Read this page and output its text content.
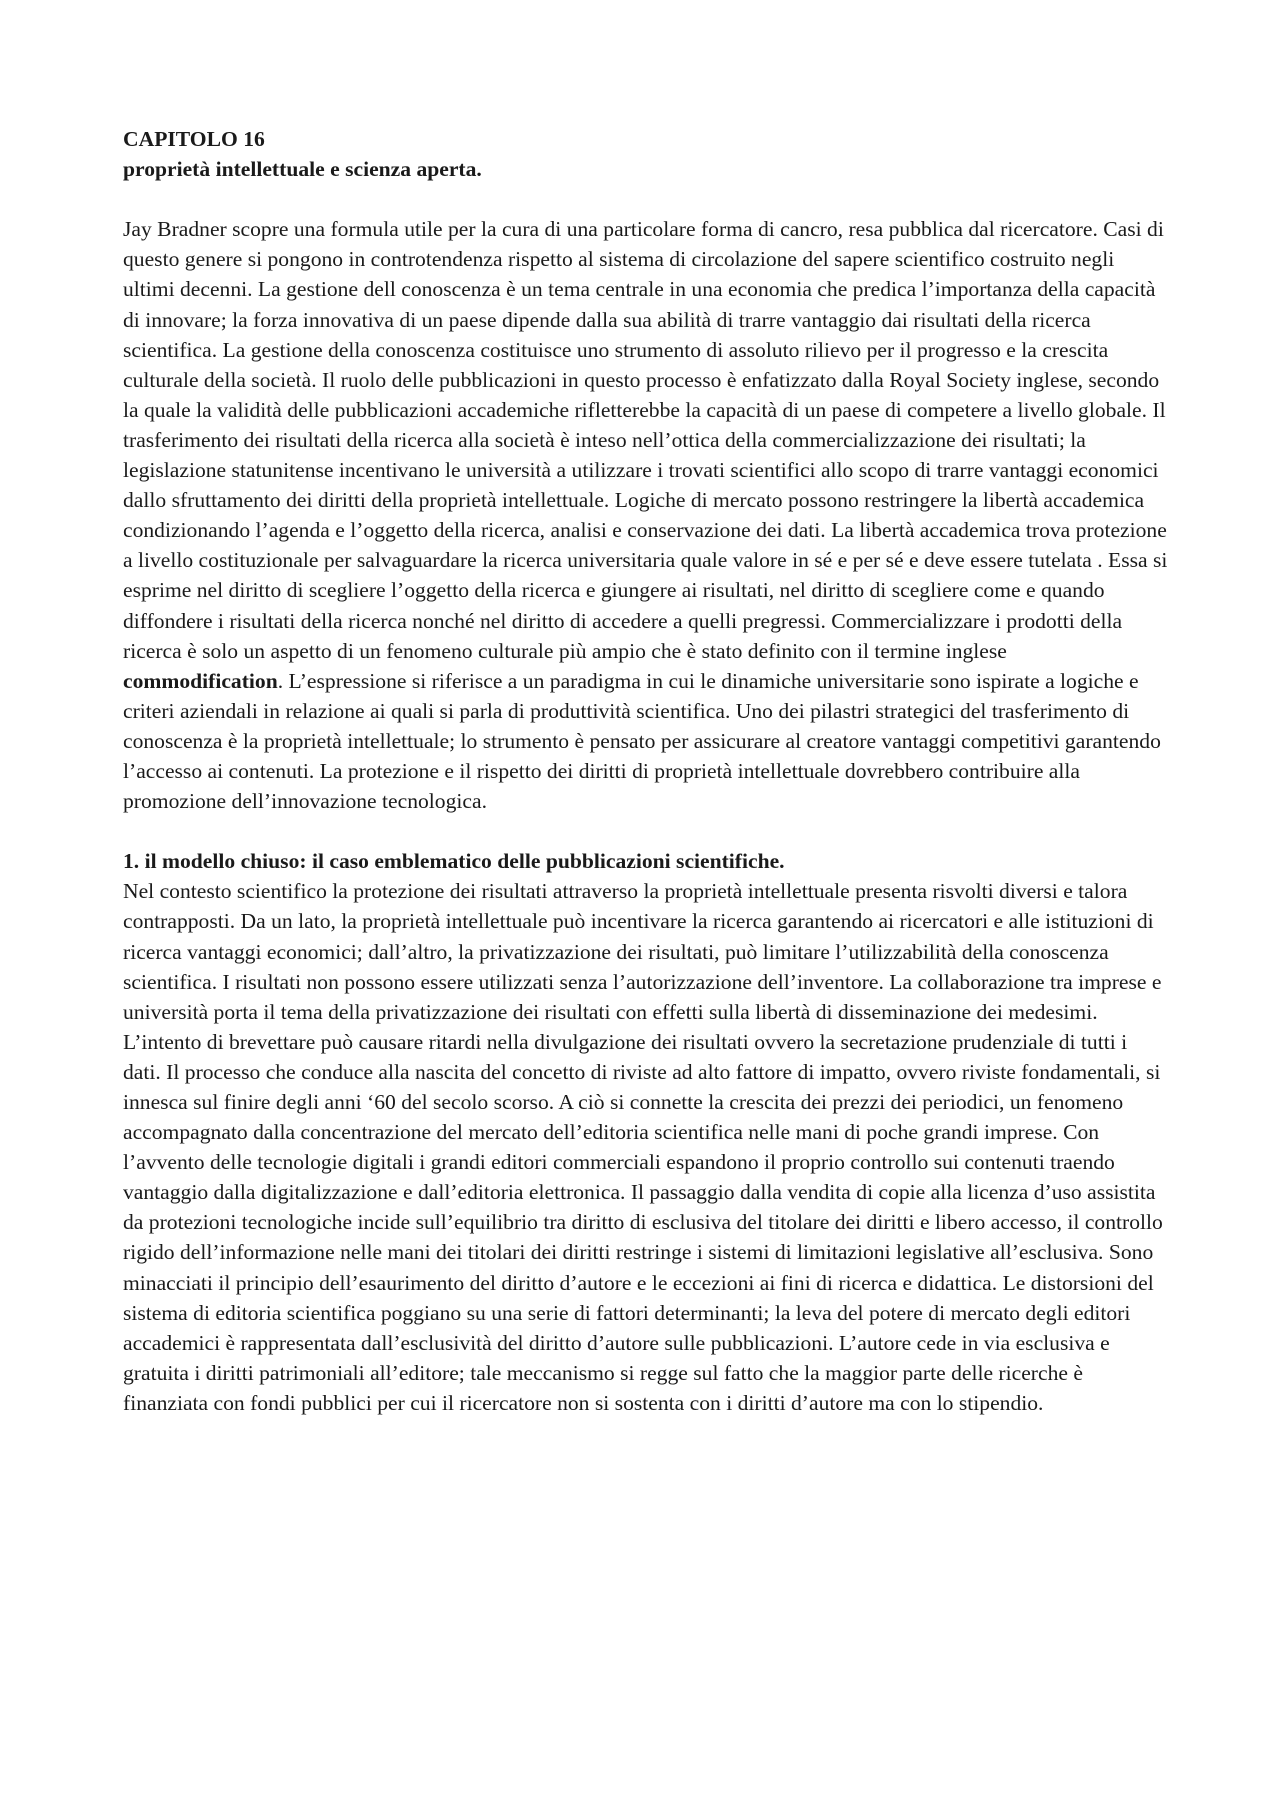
CAPITOLO 16
proprietà intellettuale e scienza aperta.

Jay Bradner scopre una formula utile per la cura di una particolare forma di cancro, resa pubblica dal ricercatore. Casi di questo genere si pongono in controtendenza rispetto al sistema di circolazione del sapere scientifico costruito negli ultimi decenni. La gestione dell conoscenza è un tema centrale in una economia che predica l’importanza della capacità di innovare; la forza innovativa di un paese dipende dalla sua abilità di trarre vantaggio dai risultati della ricerca scientifica. La gestione della conoscenza costituisce uno strumento di assoluto rilievo per il progresso e la crescita culturale della società. Il ruolo delle pubblicazioni in questo processo è enfatizzato dalla Royal Society inglese, secondo la quale la validità delle pubblicazioni accademiche rifletterebbe la capacità di un paese di competere a livello globale. Il trasferimento dei risultati della ricerca alla società è inteso nell’ottica della commercializzazione dei risultati; la legislazione statunitense incentivano le università a utilizzare i trovati scientifici allo scopo di trarre vantaggi economici dallo sfruttamento dei diritti della proprietà intellettuale. Logiche di mercato possono restringere la libertà accademica condizionando l’agenda e l’oggetto della ricerca, analisi e conservazione dei dati. La libertà accademica trova protezione a livello costituzionale per salvaguardare la ricerca universitaria quale valore in sé e per sé e deve essere tutelata . Essa si esprime nel diritto di scegliere l’oggetto della ricerca e giungere ai risultati, nel diritto di scegliere come e quando diffondere i risultati della ricerca nonché nel diritto di accedere a quelli pregressi. Commercializzare i prodotti della ricerca è solo un aspetto di un fenomeno culturale più ampio che è stato definito con il termine inglese commodification. L’espressione si riferisce a un paradigma in cui le dinamiche universitarie sono ispirate a logiche e criteri aziendali in relazione ai quali si parla di produttività scientifica. Uno dei pilastri strategici del trasferimento di conoscenza è la proprietà intellettuale; lo strumento è pensato per assicurare al creatore vantaggi competitivi garantendo l’accesso ai contenuti. La protezione e il rispetto dei diritti di proprietà intellettuale dovrebbero contribuire alla promozione dell’innovazione tecnologica.

1. il modello chiuso: il caso emblematico delle pubblicazioni scientifiche.

Nel contesto scientifico la protezione dei risultati attraverso la proprietà intellettuale presenta risvolti diversi e talora contrapposti. Da un lato, la proprietà intellettuale può incentivare la ricerca garantendo ai ricercatori e alle istituzioni di ricerca vantaggi economici; dall’altro, la privatizzazione dei risultati, può limitare l’utilizzabilità della conoscenza scientifica. I risultati non possono essere utilizzati senza l’autorizzazione dell’inventore. La collaborazione tra imprese e università porta il tema della privatizzazione dei risultati con effetti sulla libertà di disseminazione dei medesimi. L’intento di brevettare può causare ritardi nella divulgazione dei risultati ovvero la secretazione prudenziale di tutti i dati. Il processo che conduce alla nascita del concetto di riviste ad alto fattore di impatto, ovvero riviste fondamentali, si innesca sul finire degli anni ‘60 del secolo scorso. A ciò si connette la crescita dei prezzi dei periodici, un fenomeno accompagnato dalla concentrazione del mercato dell’editoria scientifica nelle mani di poche grandi imprese. Con l’avvento delle tecnologie digitali i grandi editori commerciali espandono il proprio controllo sui contenuti traendo vantaggio dalla digitalizzazione e dall’editoria elettronica. Il passaggio dalla vendita di copie alla licenza d’uso assistita da protezioni tecnologiche incide sull’equilibrio tra diritto di esclusiva del titolare dei diritti e libero accesso, il controllo rigido dell’informazione nelle mani dei titolari dei diritti restringe i sistemi di limitazioni legislative all’esclusiva. Sono minacciati il principio dell’esaurimento del diritto d’autore e le eccezioni ai fini di ricerca e didattica. Le distorsioni del sistema di editoria scientifica poggiano su una serie di fattori determinanti; la leva del potere di mercato degli editori accademici è rappresentata dall’esclusività del diritto d’autore sulle pubblicazioni. L’autore cede in via esclusiva e gratuita i diritti patrimoniali all’editore; tale meccanismo si regge sul fatto che la maggior parte delle ricerche è finanziata con fondi pubblici per cui il ricercatore non si sostenta con i diritti d’autore ma con lo stipendio.
